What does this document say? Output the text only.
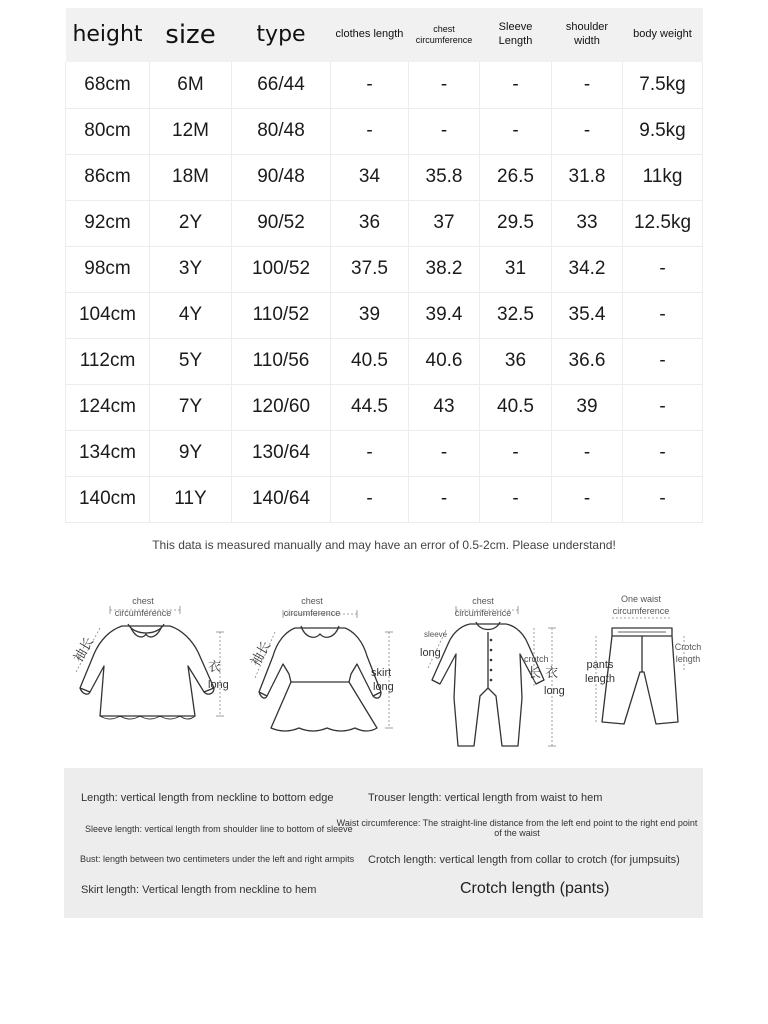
height	size	type	clothes length	chest circumference	Sleeve Length	shoulder width	body weight
68cm	6M	66/44	-	-	-	-	7.5kg
80cm	12M	80/48	-	-	-	-	9.5kg
86cm	18M	90/48	34	35.8	26.5	31.8	11kg
92cm	2Y	90/52	36	37	29.5	33	12.5kg
98cm	3Y	100/52	37.5	38.2	31	34.2	-
104cm	4Y	110/52	39	39.4	32.5	35.4	-
112cm	5Y	110/56	40.5	40.6	36	36.6	-
124cm	7Y	120/60	44.5	43	40.5	39	-
134cm	9Y	130/64	-	-	-	-	-
140cm	11Y	140/64	-	-	-	-	-
This data is measured manually and may have an error of 0.5-2cm. Please understand!
chest circumference
袖长
衣
long
chest circumference
袖长
skirt
long
chest circumference
sleeve
long	crotch
长 衣
long
One waist circumference
pants length
Crotch length
Length: vertical length from neckline to bottom edge	Trouser length: vertical length from waist to hem
Sleeve length: vertical length from shoulder line to bottom of sleeve
Waist circumference: The straight-line distance from the left end point to the right end point of the waist
Bust: length between two centimeters under the left and right armpits Crotch length: vertical length from collar to crotch (for jumpsuits)
Skirt length: Vertical length from neckline to hem	Crotch length (pants)
